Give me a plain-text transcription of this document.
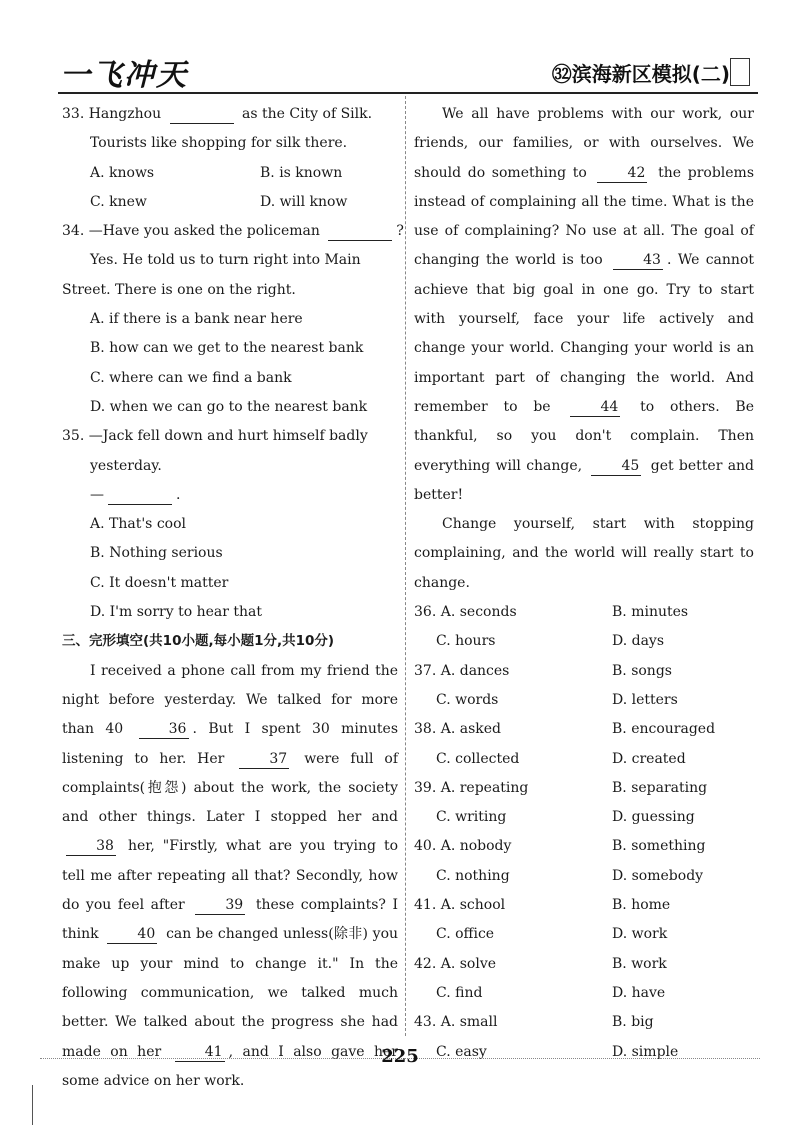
一飞冲天	㉜滨海新区模拟(二)
33. Hangzhou	as the City of Silk.
Tourists like shopping for silk there.
A. knows	B. is known
C. knew	D. will know
34. —Have you asked the policeman	?
Yes. He told us to turn right into Main
Street. There is one on the right.
A. if there is a bank near here
B. how can we get to the nearest bank
C. where can we find a bank
D. when we can go to the nearest bank
35. —Jack fell down and hurt himself badly
yesterday.
—	.
A. That's cool
B. Nothing serious
C. It doesn't matter
D. I'm sorry to hear that
三、完形填空(共10小题,每小题1分,共10分)
I received a phone call from my friend the night before yesterday. We talked for more than 40	36 . But I spent 30 minutes listening to her. Her	37 were full of complaints(抱怨) about the work, the society and other things. Later I stopped her and 38 her, "Firstly, what are you trying to tell me after repeating all that? Secondly, how do you feel after	39 these complaints? I think	40 can be changed unless(除非) you make up your mind to change it." In the following communication, we talked much better. We talked about the progress she had made on her	41 , and I also gave her some advice on her work.
We all have problems with our work, our friends, our families, or with ourselves. We should do something to	42 the problems instead of complaining all the time. What is the use of complaining? No use at all. The goal of changing the world is too	43 . We cannot achieve that big goal in one go. Try to start with yourself, face your life actively and change your world. Changing your world is an important part of changing the world. And remember to be	44 to others. Be thankful, so you don't complain. Then everything will change,	45 get better and better!
Change yourself, start with stopping complaining, and the world will really start to change.
36. A. seconds	B. minutes
C. hours	D. days
37. A. dances	B. songs
C. words	D. letters
38. A. asked	B. encouraged
C. collected	D. created
39. A. repeating	B. separating
C. writing	D. guessing
40. A. nobody	B. something
C. nothing	D. somebody
41. A. school	B. home
C. office	D. work
42. A. solve	B. work
C. find	D. have
43. A. small	B. big
C. easy	D. simple
225
